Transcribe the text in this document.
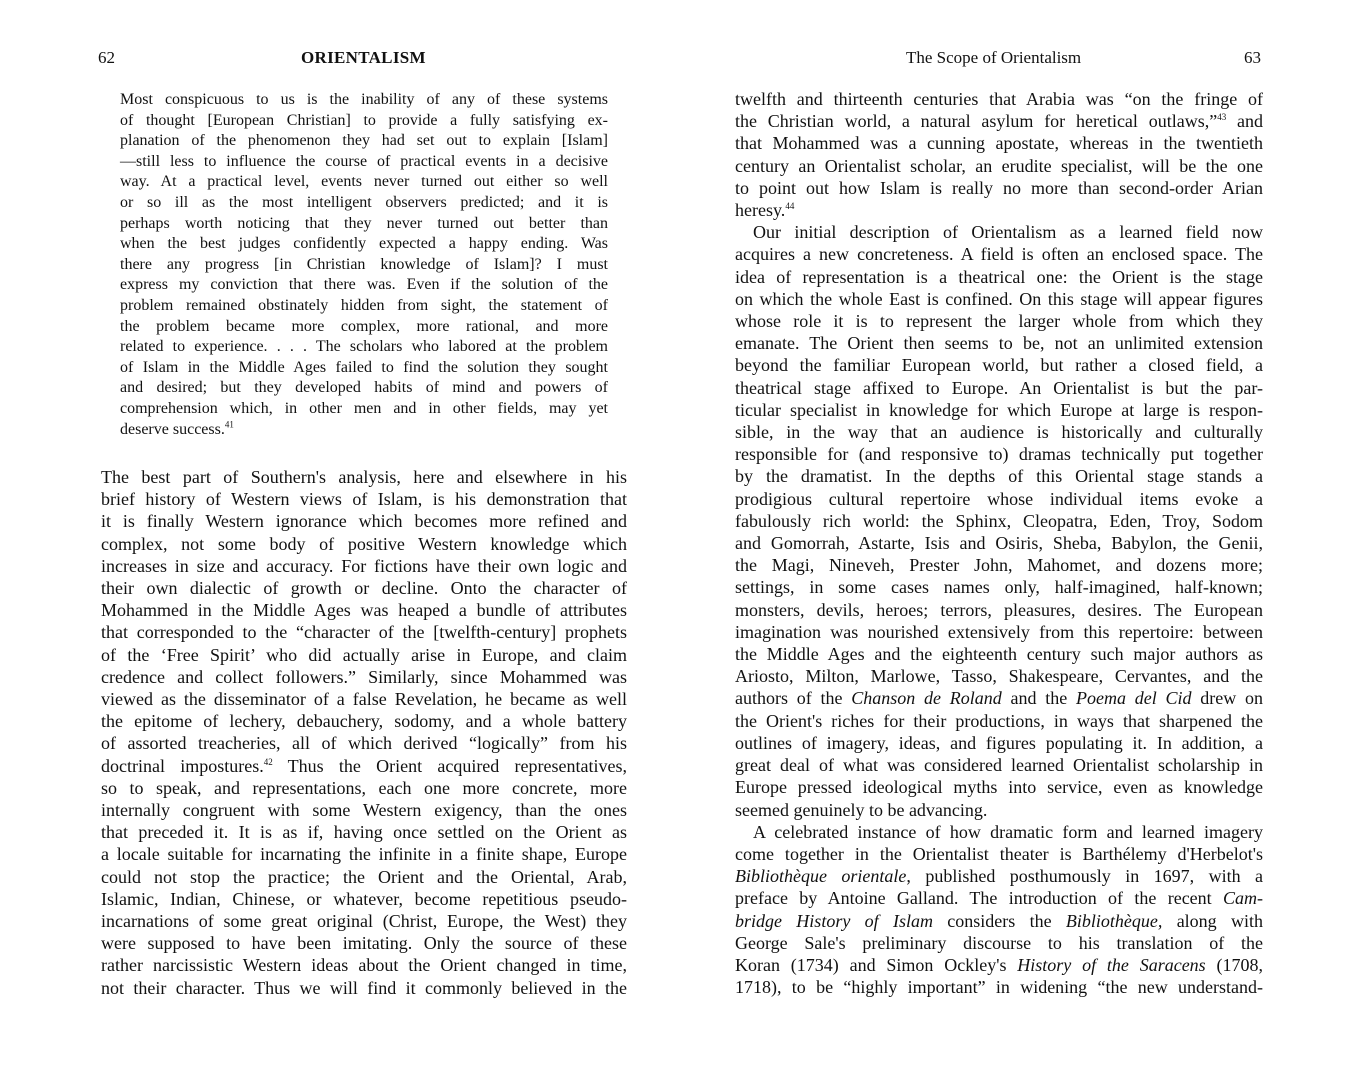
62	ORIENTALISM
Most conspicuous to us is the inability of any of these systems
of thought [European Christian] to provide a fully satisfying ex-
planation of the phenomenon they had set out to explain [Islam]
—still less to influence the course of practical events in a decisive
way. At a practical level, events never turned out either so well
or so ill as the most intelligent observers predicted; and it is
perhaps worth noticing that they never turned out better than
when the best judges confidently expected a happy ending. Was
there any progress [in Christian knowledge of Islam]? I must
express my conviction that there was. Even if the solution of the
problem remained obstinately hidden from sight, the statement of
the problem became more complex, more rational, and more
related to experience. . . . The scholars who labored at the problem
of Islam in the Middle Ages failed to find the solution they sought
and desired; but they developed habits of mind and powers of
comprehension which, in other men and in other fields, may yet
deserve success.$^{41}$
The best part of Southern's analysis, here and elsewhere in his
brief history of Western views of Islam, is his demonstration that
it is finally Western ignorance which becomes more refined and
complex, not some body of positive Western knowledge which
increases in size and accuracy. For fictions have their own logic and
their own dialectic of growth or decline. Onto the character of
Mohammed in the Middle Ages was heaped a bundle of attributes
that corresponded to the “character of the [twelfth-century] prophets
of the ‘Free Spirit’ who did actually arise in Europe, and claim
credence and collect followers.” Similarly, since Mohammed was
viewed as the disseminator of a false Revelation, he became as well
the epitome of lechery, debauchery, sodomy, and a whole battery
of assorted treacheries, all of which derived “logically” from his
doctrinal impostures.$^{42}$ Thus the Orient acquired representatives,
so to speak, and representations, each one more concrete, more
internally congruent with some Western exigency, than the ones
that preceded it. It is as if, having once settled on the Orient as
a locale suitable for incarnating the infinite in a finite shape, Europe
could not stop the practice; the Orient and the Oriental, Arab,
Islamic, Indian, Chinese, or whatever, become repetitious pseudo-
incarnations of some great original (Christ, Europe, the West) they
were supposed to have been imitating. Only the source of these
rather narcissistic Western ideas about the Orient changed in time,
not their character. Thus we will find it commonly believed in the
The Scope of Orientalism	63
twelfth and thirteenth centuries that Arabia was “on the fringe of
the Christian world, a natural asylum for heretical outlaws,”$^{43}$ and
that Mohammed was a cunning apostate, whereas in the twentieth
century an Orientalist scholar, an erudite specialist, will be the one
to point out how Islam is really no more than second-order Arian
heresy.$^{44}$
Our initial description of Orientalism as a learned field now
acquires a new concreteness. A field is often an enclosed space. The
idea of representation is a theatrical one: the Orient is the stage
on which the whole East is confined. On this stage will appear figures
whose role it is to represent the larger whole from which they
emanate. The Orient then seems to be, not an unlimited extension
beyond the familiar European world, but rather a closed field, a
theatrical stage affixed to Europe. An Orientalist is but the par-
ticular specialist in knowledge for which Europe at large is respon-
sible, in the way that an audience is historically and culturally
responsible for (and responsive to) dramas technically put together
by the dramatist. In the depths of this Oriental stage stands a
prodigious cultural repertoire whose individual items evoke a
fabulously rich world: the Sphinx, Cleopatra, Eden, Troy, Sodom
and Gomorrah, Astarte, Isis and Osiris, Sheba, Babylon, the Genii,
the Magi, Nineveh, Prester John, Mahomet, and dozens more;
settings, in some cases names only, half-imagined, half-known;
monsters, devils, heroes; terrors, pleasures, desires. The European
imagination was nourished extensively from this repertoire: between
the Middle Ages and the eighteenth century such major authors as
Ariosto, Milton, Marlowe, Tasso, Shakespeare, Cervantes, and the
authors of the Chanson de Roland and the Poema del Cid drew on
the Orient's riches for their productions, in ways that sharpened the
outlines of imagery, ideas, and figures populating it. In addition, a
great deal of what was considered learned Orientalist scholarship in
Europe pressed ideological myths into service, even as knowledge
seemed genuinely to be advancing.
A celebrated instance of how dramatic form and learned imagery
come together in the Orientalist theater is Barthélemy d'Herbelot's
Bibliothèque orientale, published posthumously in 1697, with a
preface by Antoine Galland. The introduction of the recent Cam-
bridge History of Islam considers the Bibliothèque, along with
George Sale's preliminary discourse to his translation of the
Koran (1734) and Simon Ockley's History of the Saracens (1708,
1718), to be “highly important” in widening “the new understand-
